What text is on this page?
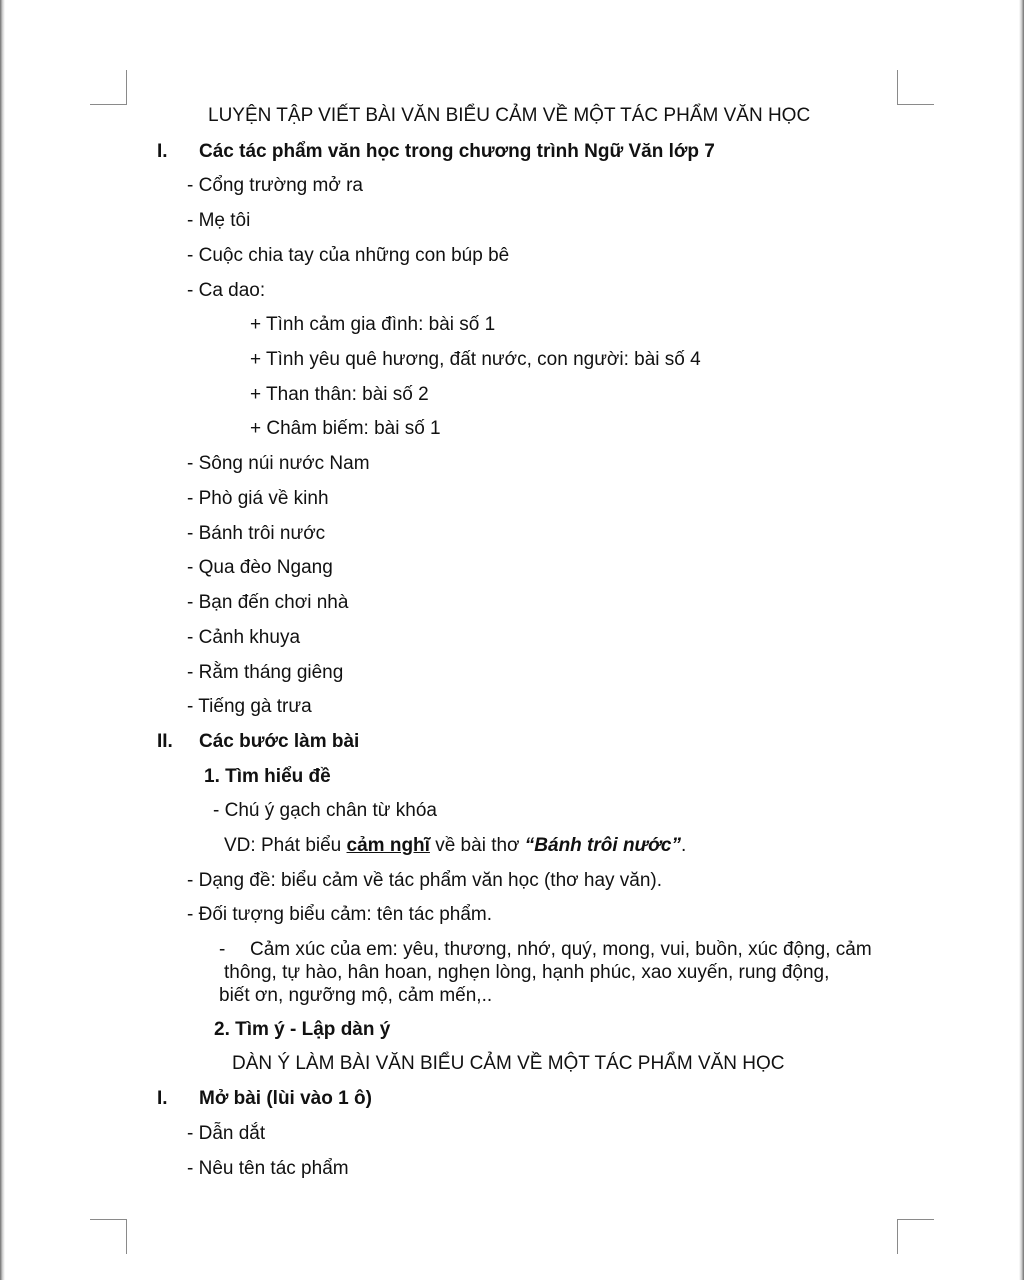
LUYỆN TẬP VIẾT BÀI VĂN BIỂU CẢM VỀ MỘT TÁC PHẨM VĂN HỌC
I. Các tác phẩm văn học trong chương trình Ngữ Văn lớp 7
- Cổng trường mở ra
- Mẹ tôi
- Cuộc chia tay của những con búp bê
- Ca dao:
+ Tình cảm gia đình: bài số 1
+ Tình yêu quê hương, đất nước, con người: bài số 4
+ Than thân: bài số 2
+ Châm biếm: bài số 1
- Sông núi nước Nam
- Phò giá về kinh
- Bánh trôi nước
- Qua đèo Ngang
- Bạn đến chơi nhà
- Cảnh khuya
- Rằm tháng giêng
- Tiếng gà trưa
II. Các bước làm bài
1. Tìm hiểu đề
- Chú ý gạch chân từ khóa
VD: Phát biểu cảm nghĩ về bài thơ “Bánh trôi nước”.
- Dạng đề: biểu cảm về tác phẩm văn học (thơ hay văn).
- Đối tượng biểu cảm: tên tác phẩm.
- Cảm xúc của em: yêu, thương, nhớ, quý, mong, vui, buồn, xúc động, cảm
thông, tự hào, hân hoan, nghẹn lòng, hạnh phúc, xao xuyến, rung động,
biết ơn, ngưỡng mộ, cảm mến,..
2. Tìm ý - Lập dàn ý
DÀN Ý LÀM BÀI VĂN BIỂU CẢM VỀ MỘT TÁC PHẨM VĂN HỌC
I. Mở bài (lùi vào 1 ô)
- Dẫn dắt
- Nêu tên tác phẩm
